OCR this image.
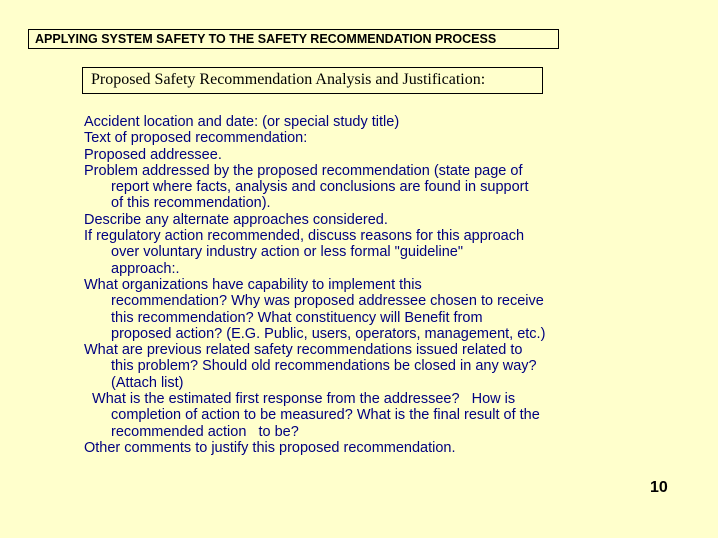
APPLYING SYSTEM SAFETY TO THE SAFETY RECOMMENDATION PROCESS
Proposed Safety Recommendation Analysis and Justification:
Accident location and date: (or special study title)
Text of proposed recommendation:
Proposed addressee.
Problem addressed by the proposed recommendation (state page of
report where facts, analysis and conclusions are found in support
of this recommendation).
Describe any alternate approaches considered.
If regulatory action recommended, discuss reasons for this approach
over voluntary industry action or less formal "guideline"
approach:.
What organizations have capability to implement this
recommendation? Why was proposed addressee chosen to receive
this recommendation? What constituency will Benefit from
proposed action? (E.G. Public, users, operators, management, etc.)
What are previous related safety recommendations issued related to
this problem? Should old recommendations be closed in any way?
(Attach list)
What is the estimated first response from the addressee?   How is
completion of action to be measured? What is the final result of the
recommended action   to be?
Other comments to justify this proposed recommendation.
10
